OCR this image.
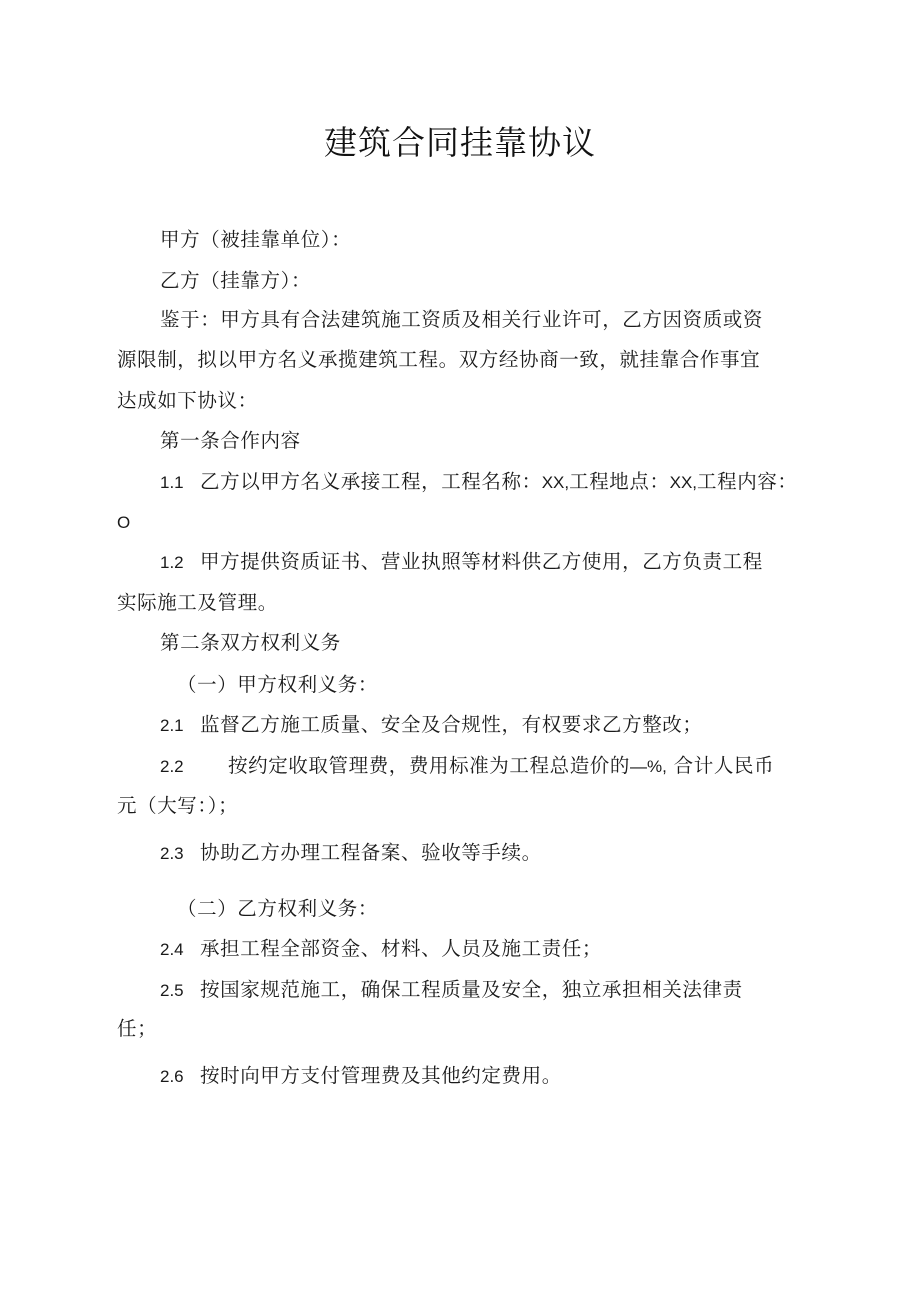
建筑合同挂靠协议
甲方（被挂靠单位）：
乙方（挂靠方）：
鉴于：甲方具有合法建筑施工资质及相关行业许可，乙方因资质或资
源限制，拟以甲方名义承揽建筑工程。双方经协商一致，就挂靠合作事宜
达成如下协议：
第一条合作内容
1.1 乙方以甲方名义承接工程，工程名称：XX,工程地点：XX,工程内容：
O
1.2 甲方提供资质证书、营业执照等材料供乙方使用，乙方负责工程
实际施工及管理。
第二条双方权利义务
（一）甲方权利义务：
2.1 监督乙方施工质量、安全及合规性，有权要求乙方整改；
2.2 按约定收取管理费，费用标准为工程总造价的—%, 合计人民币
元（大写：）；
2.3 协助乙方办理工程备案、验收等手续。
（二）乙方权利义务：
2.4 承担工程全部资金、材料、人员及施工责任；
2.5 按国家规范施工，确保工程质量及安全，独立承担相关法律责
任；
2.6 按时向甲方支付管理费及其他约定费用。
